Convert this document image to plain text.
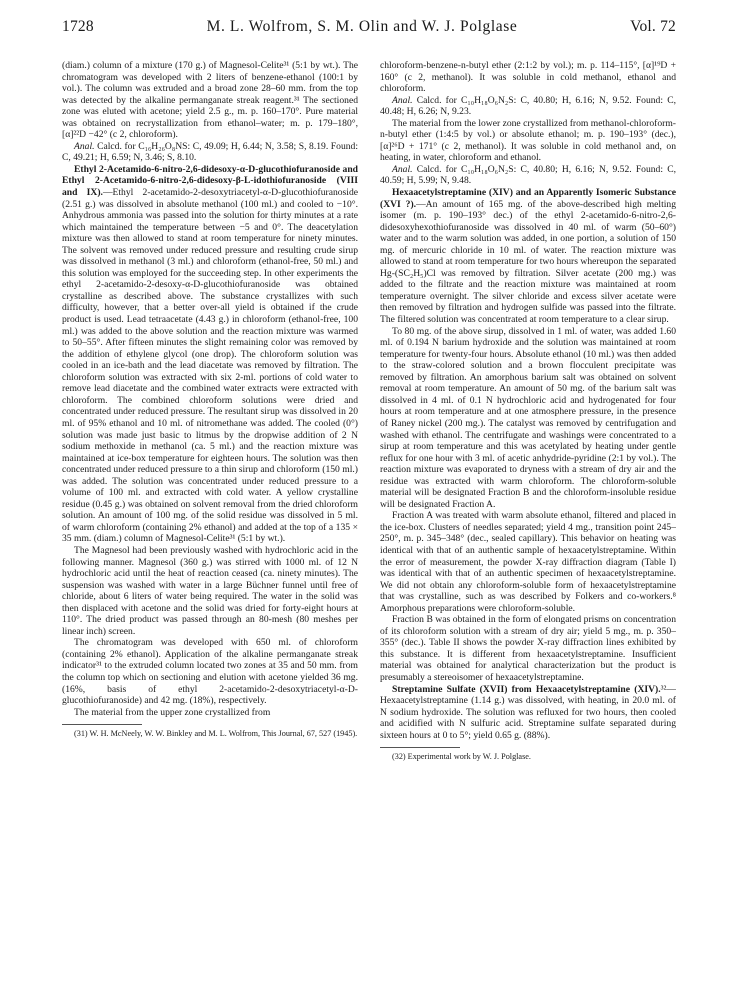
1728	M. L. Wolfrom, S. M. Olin and W. J. Polglase	Vol. 72

(diam.) column of a mixture (170 g.) of Magnesol-Celite³¹ (5:1 by wt.). The chromatogram was developed with 2 liters of benzene-ethanol (100:1 by vol.). The column was extruded and a broad zone 28–60 mm. from the top was detected by the alkaline permanganate streak reagent.³¹ The sectioned zone was eluted with acetone; yield 2.5 g., m. p. 160–170°. Pure material was obtained on recrystallization from ethanol–water; m. p. 179–180°, [α]²²D −42° (c 2, chloroform).

Anal. Calcd. for C₁₆H₂₆O₈NS: C, 49.09; H, 6.44; N, 3.58; S, 8.19. Found: C, 49.21; H, 6.59; N, 3.46; S, 8.10.

Ethyl 2-Acetamido-6-nitro-2,6-didesoxy-α-D-glucothiofuranoside and Ethyl 2-Acetamido-6-nitro-2,6-didesoxy-β-L-idothiofuranoside (VIII and IX).—Ethyl 2-acetamido-2-desoxytriacetyl-α-D-glucothiofuranoside (2.51 g.) was dissolved in absolute methanol (100 ml.) and cooled to −10°. Anhydrous ammonia was passed into the solution for thirty minutes at a rate which maintained the temperature between −5 and 0°. The deacetylation mixture was then allowed to stand at room temperature for ninety minutes. The solvent was removed under reduced pressure and resulting crude sirup was dissolved in methanol (3 ml.) and chloroform (ethanol-free, 50 ml.) and this solution was employed for the succeeding step. In other experiments the ethyl 2-acetamido-2-desoxy-α-D-glucothiofuranoside was obtained crystalline as described above. The substance crystallizes with such difficulty, however, that a better over-all yield is obtained if the crude product is used. Lead tetraacetate (4.43 g.) in chloroform (ethanol-free, 100 ml.) was added to the above solution and the reaction mixture was warmed to 50–55°. After fifteen minutes the slight remaining color was removed by the addition of ethylene glycol (one drop). The chloroform solution was cooled in an ice-bath and the lead diacetate was removed by filtration. The chloroform solution was extracted with six 2-ml. portions of cold water to remove lead diacetate and the combined water extracts were extracted with chloroform. The combined chloroform solutions were dried and concentrated under reduced pressure. The resultant sirup was dissolved in 20 ml. of 95% ethanol and 10 ml. of nitromethane was added. The cooled (0°) solution was made just basic to litmus by the dropwise addition of 2 N sodium methoxide in methanol (ca. 5 ml.) and the reaction mixture was maintained at ice-box temperature for eighteen hours. The solution was then concentrated under reduced pressure to a thin sirup and chloroform (150 ml.) was added. The solution was concentrated under reduced pressure to a volume of 100 ml. and extracted with cold water. A yellow crystalline residue (0.45 g.) was obtained on solvent removal from the dried chloroform solution. An amount of 100 mg. of the solid residue was dissolved in 5 ml. of warm chloroform (containing 2% ethanol) and added at the top of a 135 × 35 mm. (diam.) column of Magnesol-Celite³¹ (5:1 by wt.).

The Magnesol had been previously washed with hydrochloric acid in the following manner. Magnesol (360 g.) was stirred with 1000 ml. of 12 N hydrochloric acid until the heat of reaction ceased (ca. ninety minutes). The suspension was washed with water in a large Büchner funnel until free of chloride, about 6 liters of water being required. The water in the solid was then displaced with acetone and the solid was dried for forty-eight hours at 110°. The dried product was passed through an 80-mesh (80 meshes per linear inch) screen.

The chromatogram was developed with 650 ml. of chloroform (containing 2% ethanol). Application of the alkaline permanganate streak indicator³¹ to the extruded column located two zones at 35 and 50 mm. from the column top which on sectioning and elution with acetone yielded 36 mg. (16%, basis of ethyl 2-acetamido-2-desoxytriacetyl-α-D-glucothiofuranoside) and 42 mg. (18%), respectively.

The material from the upper zone crystallized from

(31) W. H. McNeely, W. W. Binkley and M. L. Wolfrom, This Journal, 67, 527 (1945).

chloroform-benzene-n-butyl ether (2:1:2 by vol.); m. p. 114–115°, [α]¹⁹D + 160° (c 2, methanol). It was soluble in cold methanol, ethanol and chloroform.

Anal. Calcd. for C₁₀H₁₈O₆N₂S: C, 40.80; H, 6.16; N, 9.52. Found: C, 40.48; H, 6.26; N, 9.23.

The material from the lower zone crystallized from methanol-chloroform-n-butyl ether (1:4:5 by vol.) or absolute ethanol; m. p. 190–193° (dec.), [α]²⁶D + 171° (c 2, methanol). It was soluble in cold methanol and, on heating, in water, chloroform and ethanol.

Anal. Calcd. for C₁₀H₁₈O₆N₂S: C, 40.80; H, 6.16; N, 9.52. Found: C, 40.59; H, 5.99; N, 9.48.

Hexaacetylstreptamine (XIV) and an Apparently Isomeric Substance (XVI ?).—An amount of 165 mg. of the above-described high melting isomer (m. p. 190–193° dec.) of the ethyl 2-acetamido-6-nitro-2,6-didesoxyhexothiofuranoside was dissolved in 40 ml. of warm (50–60°) water and to the warm solution was added, in one portion, a solution of 150 mg. of mercuric chloride in 10 ml. of water. The reaction mixture was allowed to stand at room temperature for two hours whereupon the separated Hg-(SC₂H₅)Cl was removed by filtration. Silver acetate (200 mg.) was added to the filtrate and the reaction mixture was maintained at room temperature overnight. The silver chloride and excess silver acetate were then removed by filtration and hydrogen sulfide was passed into the filtrate. The filtered solution was concentrated at room temperature to a clear sirup.

To 80 mg. of the above sirup, dissolved in 1 ml. of water, was added 1.60 ml. of 0.194 N barium hydroxide and the solution was maintained at room temperature for twenty-four hours. Absolute ethanol (10 ml.) was then added to the straw-colored solution and a brown flocculent precipitate was removed by filtration. An amorphous barium salt was obtained on solvent removal at room temperature. An amount of 50 mg. of the barium salt was dissolved in 4 ml. of 0.1 N hydrochloric acid and hydrogenated for four hours at room temperature and at one atmosphere pressure, in the presence of Raney nickel (200 mg.). The catalyst was removed by centrifugation and washed with ethanol. The centrifugate and washings were concentrated to a sirup at room temperature and this was acetylated by heating under gentle reflux for one hour with 3 ml. of acetic anhydride-pyridine (2:1 by vol.). The reaction mixture was evaporated to dryness with a stream of dry air and the residue was extracted with warm chloroform. The chloroform-soluble material will be designated Fraction B and the chloroform-insoluble residue will be designated Fraction A.

Fraction A was treated with warm absolute ethanol, filtered and placed in the ice-box. Clusters of needles separated; yield 4 mg., transition point 245–250°, m. p. 345–348° (dec., sealed capillary). This behavior on heating was identical with that of an authentic sample of hexaacetylstreptamine. Within the error of measurement, the powder X-ray diffraction diagram (Table I) was identical with that of an authentic specimen of hexaacetylstreptamine. We did not obtain any chloroform-soluble form of hexaacetylstreptamine that was crystalline, such as was described by Folkers and co-workers.⁸ Amorphous preparations were chloroform-soluble.

Fraction B was obtained in the form of elongated prisms on concentration of its chloroform solution with a stream of dry air; yield 5 mg., m. p. 350–355° (dec.). Table II shows the powder X-ray diffraction lines exhibited by this substance. It is different from hexaacetylstreptamine. Insufficient material was obtained for analytical characterization but the product is presumably a stereoisomer of hexaacetylstreptamine.

Streptamine Sulfate (XVII) from Hexaacetylstreptamine (XIV).³²—Hexaacetylstreptamine (1.14 g.) was dissolved, with heating, in 20.0 ml. of N sodium hydroxide. The solution was refluxed for two hours, then cooled and acidified with N sulfuric acid. Streptamine sulfate separated during sixteen hours at 0 to 5°; yield 0.65 g. (88%).

(32) Experimental work by W. J. Polglase.
